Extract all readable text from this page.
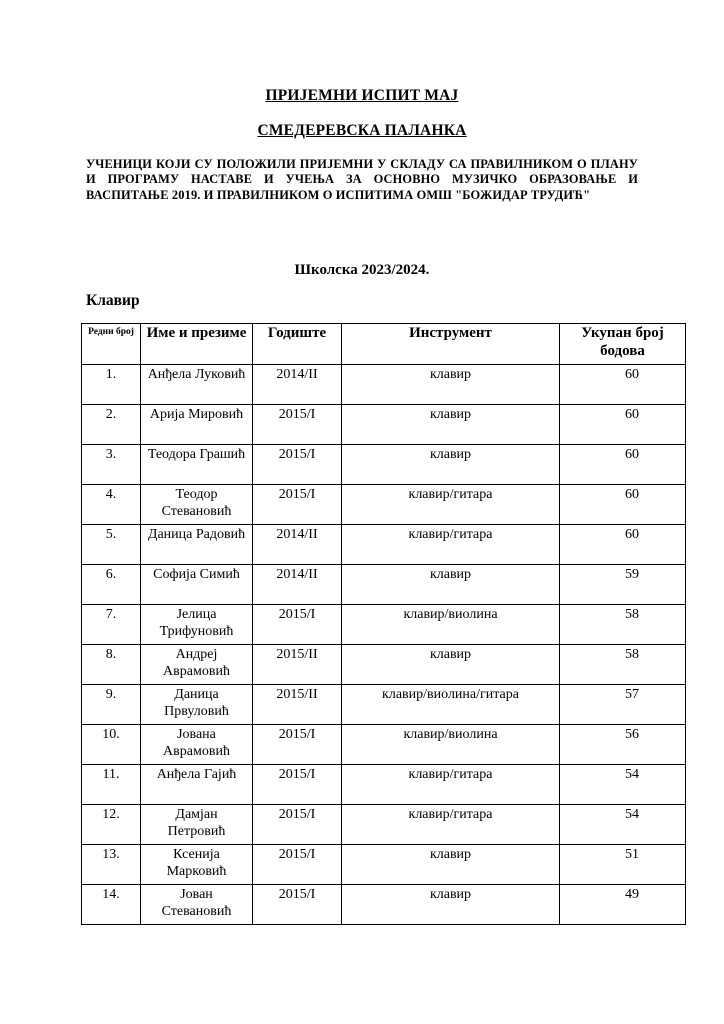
ПРИЈЕМНИ ИСПИТ МАЈ
СМЕДЕРЕВСКА ПАЛАНКА
УЧЕНИЦИ КОЈИ СУ ПОЛОЖИЛИ ПРИЈЕМНИ У СКЛАДУ СА ПРАВИЛНИКОМ О ПЛАНУ И ПРОГРАМУ НАСТАВЕ И УЧЕЊА ЗА ОСНОВНО МУЗИЧКО ОБРАЗОВАЊЕ И ВАСПИТАЊЕ 2019. И ПРАВИЛНИКОМ О ИСПИТИМА ОМШ "БОЖИДАР ТРУДИЋ"
Школска 2023/2024.
Клавир
Редни број	Име и презиме	Годиште	Инструмент	Укупан број бодова
1.	Анђела Луковић	2014/II	клавир	60
2.	Арија Мировић	2015/I	клавир	60
3.	Теодора Грашић	2015/I	клавир	60
4.	Теодор Стевановић	2015/I	клавир/гитара	60
5.	Даница Радовић	2014/II	клавир/гитара	60
6.	Софија Симић	2014/II	клавир	59
7.	Јелица Трифуновић	2015/I	клавир/виолина	58
8.	Андреј Аврамовић	2015/II	клавир	58
9.	Даница Првуловић	2015/II	клавир/виолина/гитара	57
10.	Јована Аврамовић	2015/I	клавир/виолина	56
11.	Анђела Гајић	2015/I	клавир/гитара	54
12.	Дамјан Петровић	2015/I	клавир/гитара	54
13.	Ксенија Марковић	2015/I	клавир	51
14.	Јован Стевановић	2015/I	клавир	49
